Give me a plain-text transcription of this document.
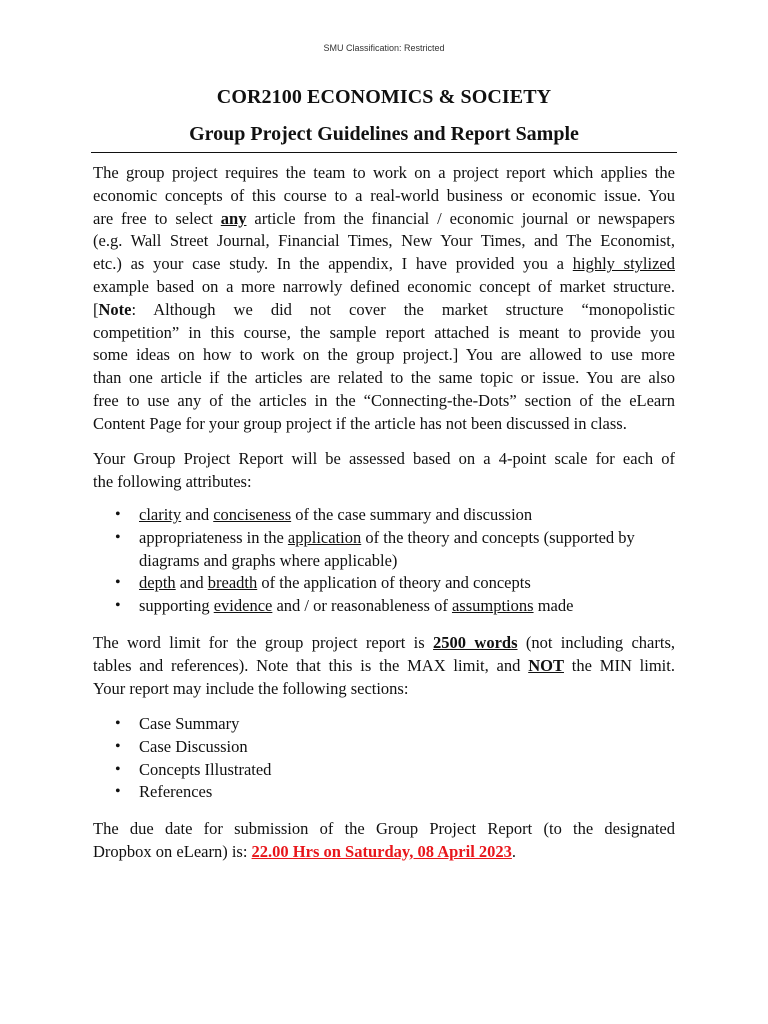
SMU Classification: Restricted
COR2100 ECONOMICS & SOCIETY
Group Project Guidelines and Report Sample
The group project requires the team to work on a project report which applies the
economic concepts of this course to a real-world business or economic issue. You
are free to select any article from the financial / economic journal or newspapers
(e.g. Wall Street Journal, Financial Times, New Your Times, and The Economist,
etc.) as your case study. In the appendix, I have provided you a highly stylized
example based on a more narrowly defined economic concept of market structure.
[Note: Although we did not cover the market structure “monopolistic
competition” in this course, the sample report attached is meant to provide you
some ideas on how to work on the group project.] You are allowed to use more
than one article if the articles are related to the same topic or issue. You are also
free to use any of the articles in the “Connecting-the-Dots” section of the eLearn
Content Page for your group project if the article has not been discussed in class.
Your Group Project Report will be assessed based on a 4-point scale for each of
the following attributes:
• clarity and conciseness of the case summary and discussion
• appropriateness in the application of the theory and concepts (supported by
diagrams and graphs where applicable)
• depth and breadth of the application of theory and concepts
• supporting evidence and / or reasonableness of assumptions made
The word limit for the group project report is 2500 words (not including charts,
tables and references). Note that this is the MAX limit, and NOT the MIN limit.
Your report may include the following sections:
• Case Summary
• Case Discussion
• Concepts Illustrated
• References
The due date for submission of the Group Project Report (to the designated
Dropbox on eLearn) is: 22.00 Hrs on Saturday, 08 April 2023.
